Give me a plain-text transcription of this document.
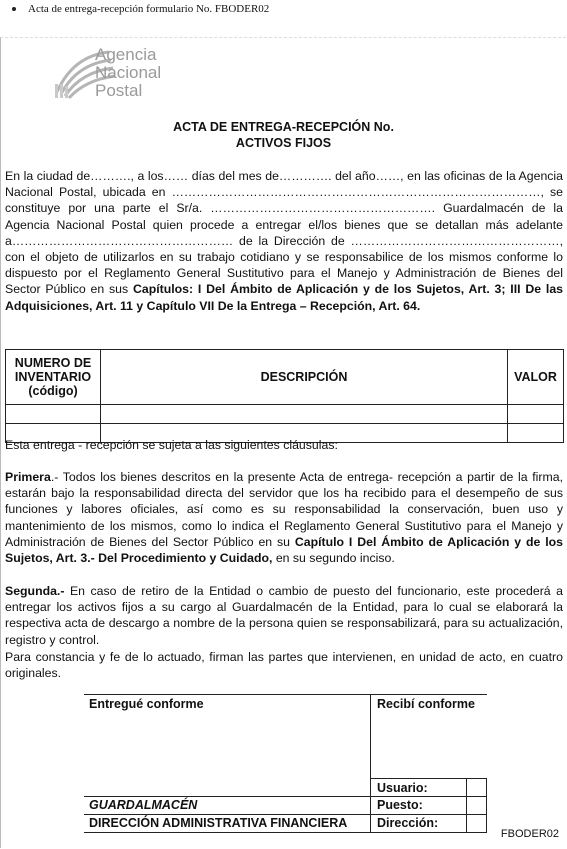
Acta de entrega-recepción formulario No. FBODER02
Agencia
Nacional
Postal
ACTA DE ENTREGA-RECEPCIÓN No.
ACTIVOS FIJOS
En la ciudad de………., a los…… días del mes de…………. del año……, en las oficinas de la Agencia Nacional Postal, ubicada en ………………………………………………………………………………, se constituye por una parte el Sr/a. ………………………………………………. Guardalmacén de la Agencia Nacional Postal quien procede a entregar el/los bienes que se detallan más adelante a……………………………………………… de la Dirección de ……………………………………………, con el objeto de utilizarlos en su trabajo cotidiano y se responsabilice de los mismos conforme lo dispuesto por el Reglamento General Sustitutivo para el Manejo y Administración de Bienes del Sector Público en sus Capítulos: I Del Ámbito de Aplicación y de los Sujetos, Art. 3; III De las Adquisiciones, Art. 11 y Capítulo VII De la Entrega – Recepción, Art. 64.
NUMERO DE INVENTARIO (código)	DESCRIPCIÓN	VALOR

Esta entrega - recepción se sujeta a las siguientes cláusulas:
Primera.- Todos los bienes descritos en la presente Acta de entrega- recepción a partir de la firma, estarán bajo la responsabilidad directa del servidor que los ha recibido para el desempeño de sus funciones y labores oficiales, así como es su responsabilidad la conservación, buen uso y mantenimiento de los mismos, como lo indica el Reglamento General Sustitutivo para el Manejo y Administración de Bienes del Sector Público en su Capítulo I Del Ámbito de Aplicación y de los Sujetos, Art. 3.- Del Procedimiento y Cuidado, en su segundo inciso.
Segunda.- En caso de retiro de la Entidad o cambio de puesto del funcionario, este procederá a entregar los activos fijos a su cargo al Guardalmacén de la Entidad, para lo cual se elaborará la respectiva acta de descargo a nombre de la persona quien se responsabilizará, para su actualización, registro y control.
Para constancia y fe de lo actuado, firman las partes que intervienen, en unidad de acto, en cuatro originales.
Entregué conforme	Recibí conforme
Usuario:
GUARDALMACÉN	Puesto:
DIRECCIÓN ADMINISTRATIVA FINANCIERA Dirección:
FBODER02
